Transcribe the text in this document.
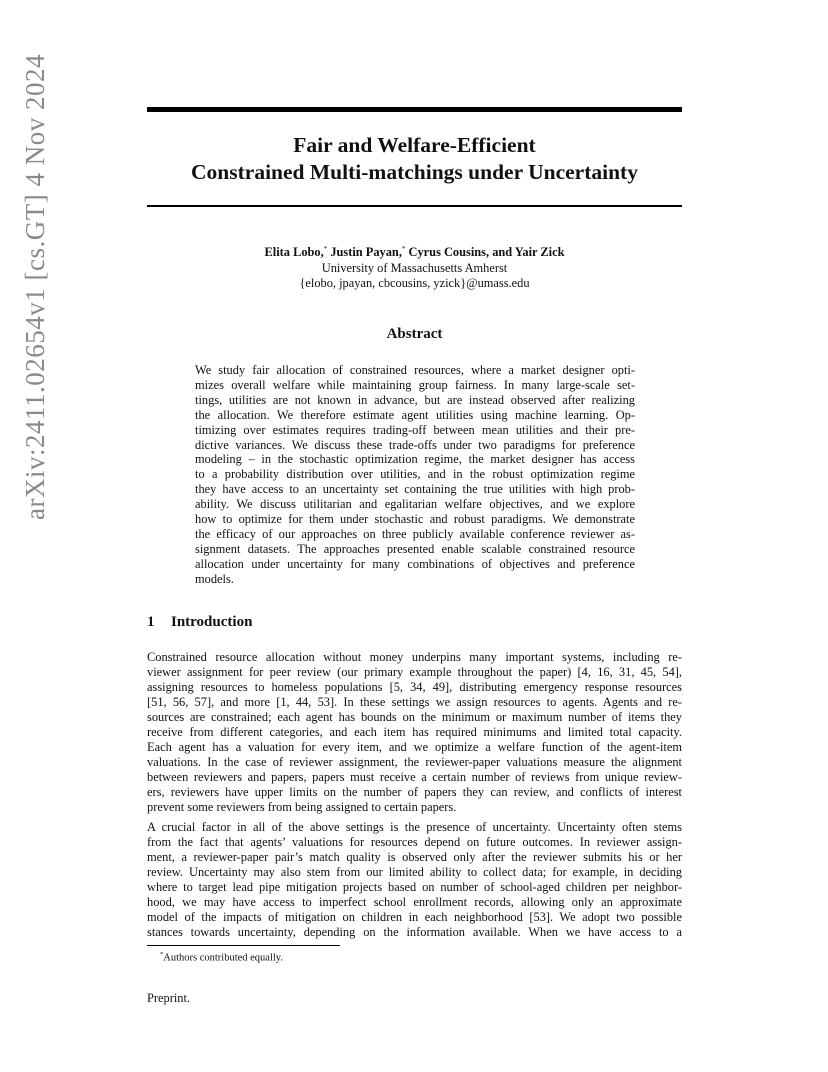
arXiv:2411.02654v1 [cs.GT] 4 Nov 2024	Fair and Welfare-Efficient
Constrained Multi-matchings under Uncertainty
Elita Lobo,* Justin Payan,* Cyrus Cousins, and Yair Zick
University of Massachusetts Amherst
{elobo, jpayan, cbcousins, yzick}@umass.edu
Abstract
We study fair allocation of constrained resources, where a market designer opti-
mizes overall welfare while maintaining group fairness. In many large-scale set-
tings, utilities are not known in advance, but are instead observed after realizing
the allocation. We therefore estimate agent utilities using machine learning. Op-
timizing over estimates requires trading-off between mean utilities and their pre-
dictive variances. We discuss these trade-offs under two paradigms for preference
modeling – in the stochastic optimization regime, the market designer has access
to a probability distribution over utilities, and in the robust optimization regime
they have access to an uncertainty set containing the true utilities with high prob-
ability. We discuss utilitarian and egalitarian welfare objectives, and we explore
how to optimize for them under stochastic and robust paradigms. We demonstrate
the efficacy of our approaches on three publicly available conference reviewer as-
signment datasets. The approaches presented enable scalable constrained resource
allocation under uncertainty for many combinations of objectives and preference
models.
1 Introduction
Constrained resource allocation without money underpins many important systems, including re-
viewer assignment for peer review (our primary example throughout the paper) [4, 16, 31, 45, 54],
assigning resources to homeless populations [5, 34, 49], distributing emergency response resources
[51, 56, 57], and more [1, 44, 53]. In these settings we assign resources to agents. Agents and re-
sources are constrained; each agent has bounds on the minimum or maximum number of items they
receive from different categories, and each item has required minimums and limited total capacity.
Each agent has a valuation for every item, and we optimize a welfare function of the agent-item
valuations. In the case of reviewer assignment, the reviewer-paper valuations measure the alignment
between reviewers and papers, papers must receive a certain number of reviews from unique review-
ers, reviewers have upper limits on the number of papers they can review, and conflicts of interest
prevent some reviewers from being assigned to certain papers.
A crucial factor in all of the above settings is the presence of uncertainty. Uncertainty often stems
from the fact that agents’ valuations for resources depend on future outcomes. In reviewer assign-
ment, a reviewer-paper pair’s match quality is observed only after the reviewer submits his or her
review. Uncertainty may also stem from our limited ability to collect data; for example, in deciding
where to target lead pipe mitigation projects based on number of school-aged children per neighbor-
hood, we may have access to imperfect school enrollment records, allowing only an approximate
model of the impacts of mitigation on children in each neighborhood [53]. We adopt two possible
stances towards uncertainty, depending on the information available. When we have access to a
*Authors contributed equally.
Preprint.
